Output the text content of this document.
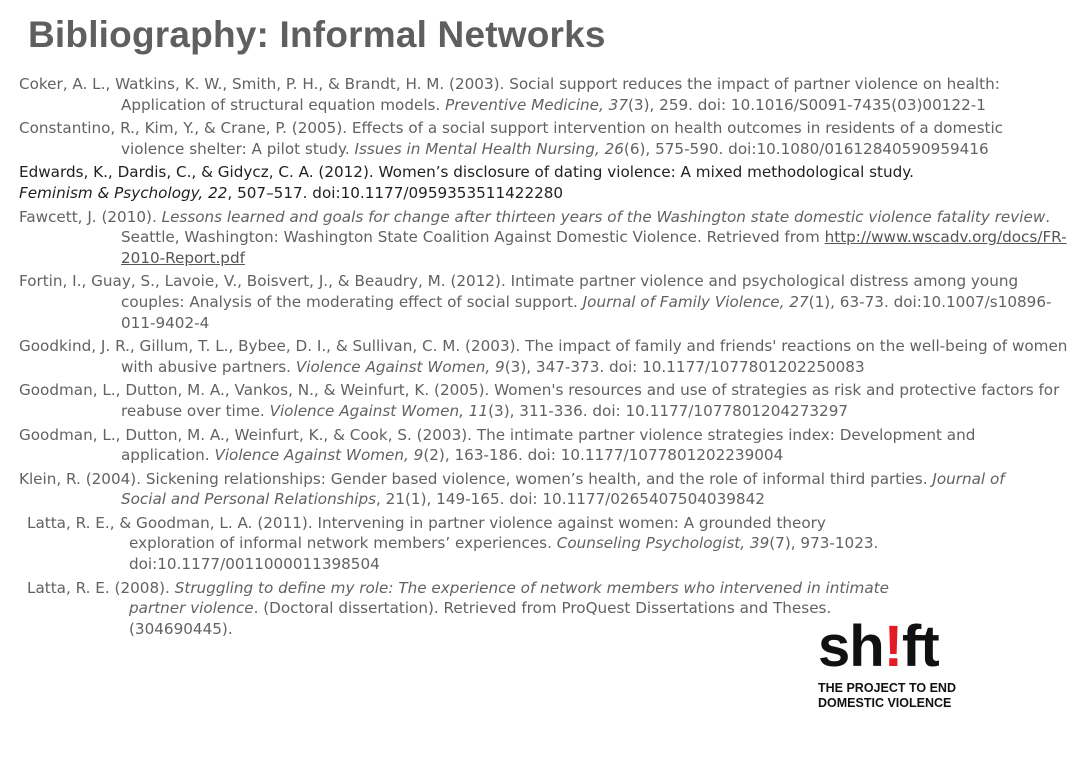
Bibliography: Informal Networks

Coker, A. L., Watkins, K. W., Smith, P. H., & Brandt, H. M. (2003). Social support reduces the impact of partner violence on health: Application of structural equation models. Preventive Medicine, 37(3), 259. doi: 10.1016/S0091-7435(03)00122-1

Constantino, R., Kim, Y., & Crane, P. (2005). Effects of a social support intervention on health outcomes in residents of a domestic violence shelter: A pilot study. Issues in Mental Health Nursing, 26(6), 575-590. doi:10.1080/01612840590959416

Edwards, K., Dardis, C., & Gidycz, C. A. (2012). Women’s disclosure of dating violence: A mixed methodological study. Feminism & Psychology, 22, 507–517. doi:10.1177/0959353511422280

Fawcett, J. (2010). Lessons learned and goals for change after thirteen years of the Washington state domestic violence fatality review. Seattle, Washington: Washington State Coalition Against Domestic Violence. Retrieved from http://www.wscadv.org/docs/FR-2010-Report.pdf

Fortin, I., Guay, S., Lavoie, V., Boisvert, J., & Beaudry, M. (2012). Intimate partner violence and psychological distress among young couples: Analysis of the moderating effect of social support. Journal of Family Violence, 27(1), 63-73. doi:10.1007/s10896-011-9402-4

Goodkind, J. R., Gillum, T. L., Bybee, D. I., & Sullivan, C. M. (2003). The impact of family and friends' reactions on the well-being of women with abusive partners. Violence Against Women, 9(3), 347-373. doi: 10.1177/1077801202250083

Goodman, L., Dutton, M. A., Vankos, N., & Weinfurt, K. (2005). Women's resources and use of strategies as risk and protective factors for reabuse over time. Violence Against Women, 11(3), 311-336. doi: 10.1177/1077801204273297

Goodman, L., Dutton, M. A., Weinfurt, K., & Cook, S. (2003). The intimate partner violence strategies index: Development and application. Violence Against Women, 9(2), 163-186. doi: 10.1177/1077801202239004

Klein, R. (2004). Sickening relationships: Gender based violence, women’s health, and the role of informal third parties. Journal of Social and Personal Relationships, 21(1), 149-165. doi: 10.1177/0265407504039842

Latta, R. E., & Goodman, L. A. (2011). Intervening in partner violence against women: A grounded theory exploration of informal network members’ experiences. Counseling Psychologist, 39(7), 973-1023. doi:10.1177/0011000011398504

Latta, R. E. (2008). Struggling to define my role: The experience of network members who intervened in intimate partner violence. (Doctoral dissertation). Retrieved from ProQuest Dissertations and Theses. (304690445).	sh!ft
THE PROJECT TO END
DOMESTIC VIOLENCE
